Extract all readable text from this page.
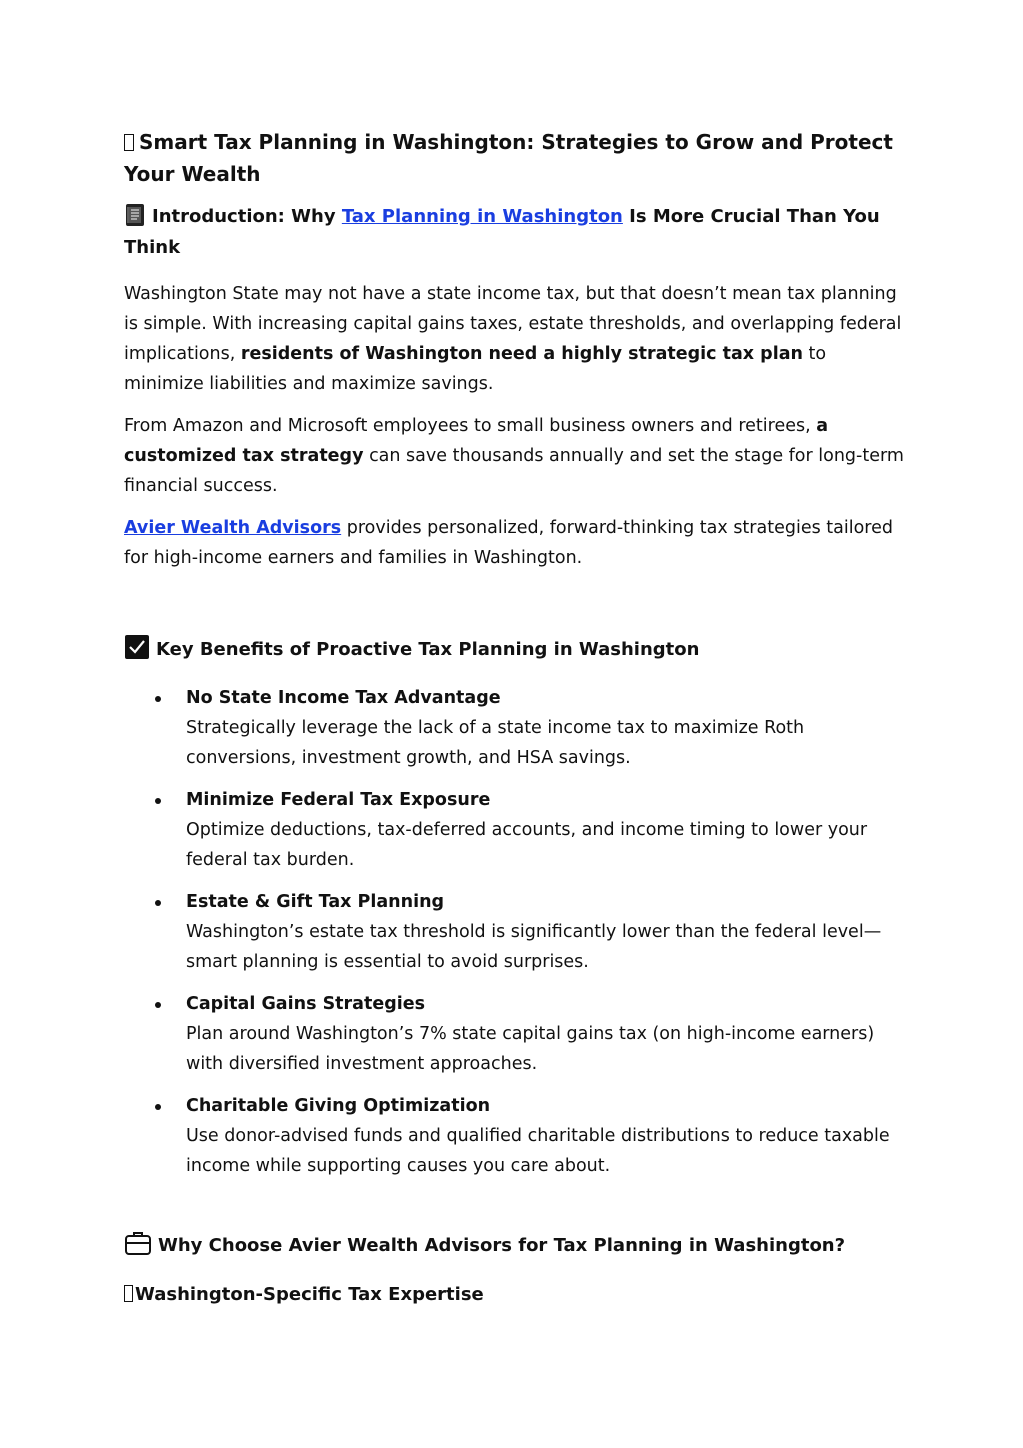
Smart Tax Planning in Washington: Strategies to Grow and Protect Your Wealth
Introduction: Why Tax Planning in Washington Is More Crucial Than You Think

Washington State may not have a state income tax, but that doesn’t mean tax planning is simple. With increasing capital gains taxes, estate thresholds, and overlapping federal implications, residents of Washington need a highly strategic tax plan to minimize liabilities and maximize savings.

From Amazon and Microsoft employees to small business owners and retirees, a customized tax strategy can save thousands annually and set the stage for long-term financial success.

Avier Wealth Advisors provides personalized, forward-thinking tax strategies tailored for high-income earners and families in Washington.

Key Benefits of Proactive Tax Planning in Washington
No State Income Tax Advantage
Strategically leverage the lack of a state income tax to maximize Roth conversions, investment growth, and HSA savings.
Minimize Federal Tax Exposure
Optimize deductions, tax-deferred accounts, and income timing to lower your federal tax burden.
Estate & Gift Tax Planning
Washington’s estate tax threshold is significantly lower than the federal level—smart planning is essential to avoid surprises.
Capital Gains Strategies
Plan around Washington’s 7% state capital gains tax (on high-income earners) with diversified investment approaches.
Charitable Giving Optimization
Use donor-advised funds and qualified charitable distributions to reduce taxable income while supporting causes you care about.
Why Choose Avier Wealth Advisors for Tax Planning in Washington?
Washington-Specific Tax Expertise
